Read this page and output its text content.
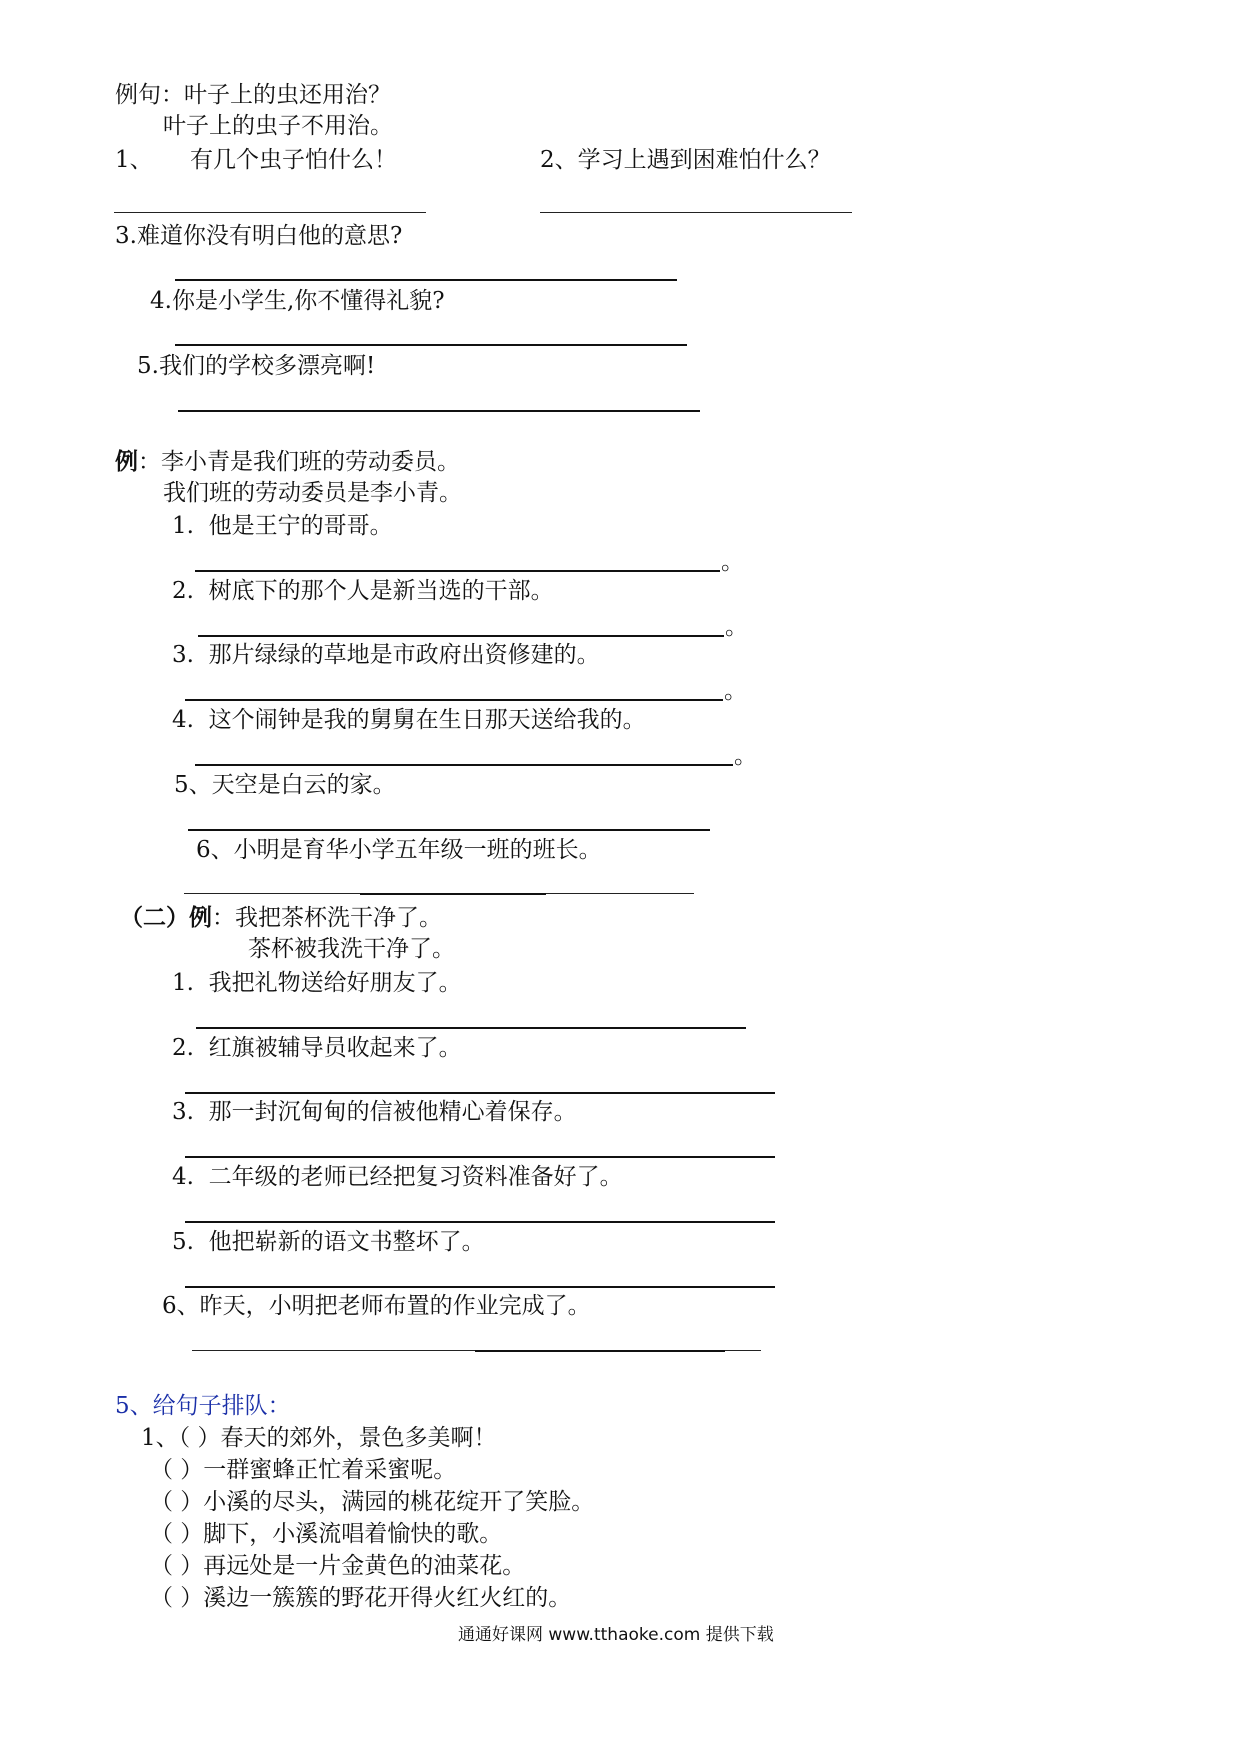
例句：叶子上的虫还用治？
叶子上的虫子不用治。
1、 有几个虫子怕什么！	2、学习上遇到困难怕什么？
3.难道你没有明白他的意思?
4.你是小学生,你不懂得礼貌?
5.我们的学校多漂亮啊!
例：李小青是我们班的劳动委员。
我们班的劳动委员是李小青。
1. 他是王宁的哥哥。
。
2. 树底下的那个人是新当选的干部。
。
3. 那片绿绿的草地是市政府出资修建的。
。
4. 这个闹钟是我的舅舅在生日那天送给我的。
。
5、天空是白云的家。
6、小明是育华小学五年级一班的班长。
（二）例：我把茶杯洗干净了。
茶杯被我洗干净了。
1. 我把礼物送给好朋友了。
2. 红旗被辅导员收起来了。
3. 那一封沉甸甸的信被他精心着保存。
4. 二年级的老师已经把复习资料准备好了。
5. 他把崭新的语文书整坏了。
6、昨天，小明把老师布置的作业完成了。
5、给句子排队：
1、（ ）春天的郊外，景色多美啊！
（ ）一群蜜蜂正忙着采蜜呢。
（ ）小溪的尽头，满园的桃花绽开了笑脸。
（ ）脚下，小溪流唱着愉快的歌。
（ ）再远处是一片金黄色的油菜花。
（ ）溪边一簇簇的野花开得火红火红的。
通通好课网 www.tthaoke.com 提供下载
